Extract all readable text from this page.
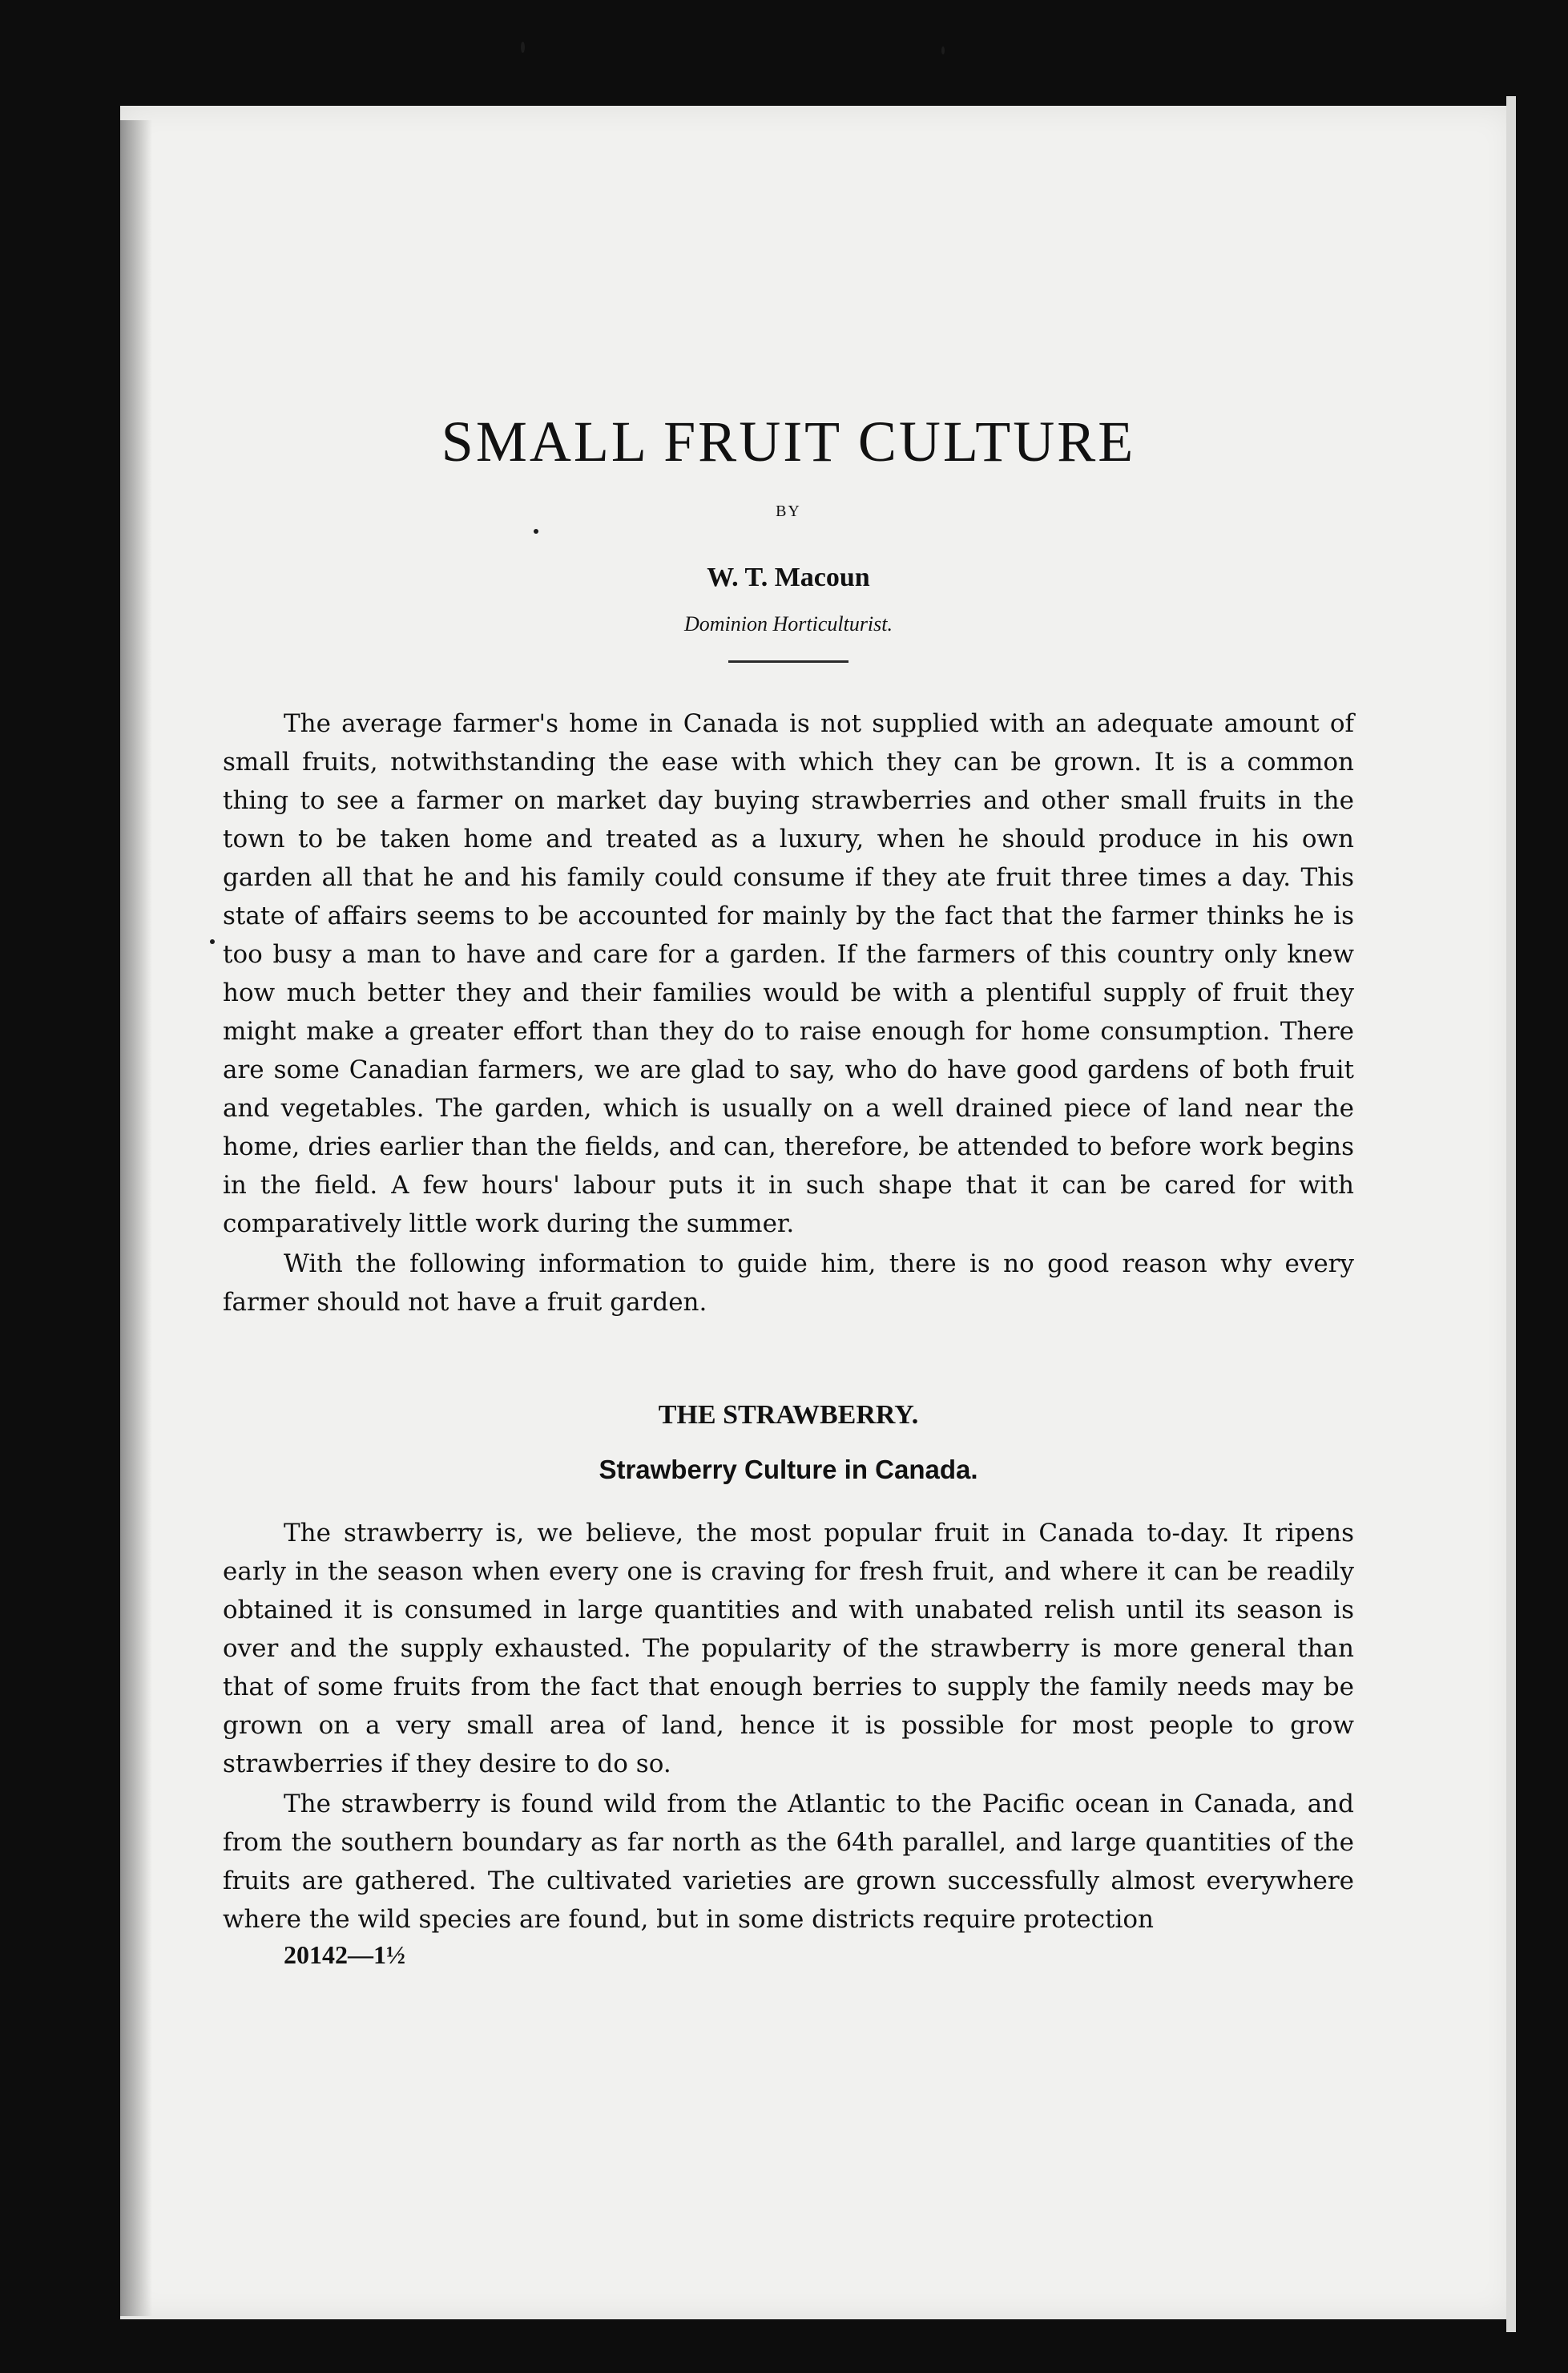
SMALL FRUIT CULTURE
BY
W. T. Macoun
Dominion Horticulturist.

The average farmer's home in Canada is not supplied with an adequate amount of small fruits, notwithstanding the ease with which they can be grown. It is a common thing to see a farmer on market day buying strawberries and other small fruits in the town to be taken home and treated as a luxury, when he should produce in his own garden all that he and his family could consume if they ate fruit three times a day. This state of affairs seems to be accounted for mainly by the fact that the farmer thinks he is too busy a man to have and care for a garden. If the farmers of this country only knew how much better they and their families would be with a plentiful supply of fruit they might make a greater effort than they do to raise enough for home consumption. There are some Canadian farmers, we are glad to say, who do have good gardens of both fruit and vegetables. The garden, which is usually on a well drained piece of land near the home, dries earlier than the fields, and can, therefore, be attended to before work begins in the field. A few hours' labour puts it in such shape that it can be cared for with comparatively little work during the summer.

With the following information to guide him, there is no good reason why every farmer should not have a fruit garden.

THE STRAWBERRY.
Strawberry Culture in Canada.

The strawberry is, we believe, the most popular fruit in Canada to-day. It ripens early in the season when every one is craving for fresh fruit, and where it can be readily obtained it is consumed in large quantities and with unabated relish until its season is over and the supply exhausted. The popularity of the strawberry is more general than that of some fruits from the fact that enough berries to supply the family needs may be grown on a very small area of land, hence it is possible for most people to grow strawberries if they desire to do so.

The strawberry is found wild from the Atlantic to the Pacific ocean in Canada, and from the southern boundary as far north as the 64th parallel, and large quantities of the fruits are gathered. The cultivated varieties are grown successfully almost everywhere where the wild species are found, but in some districts require protection

20142—1½
